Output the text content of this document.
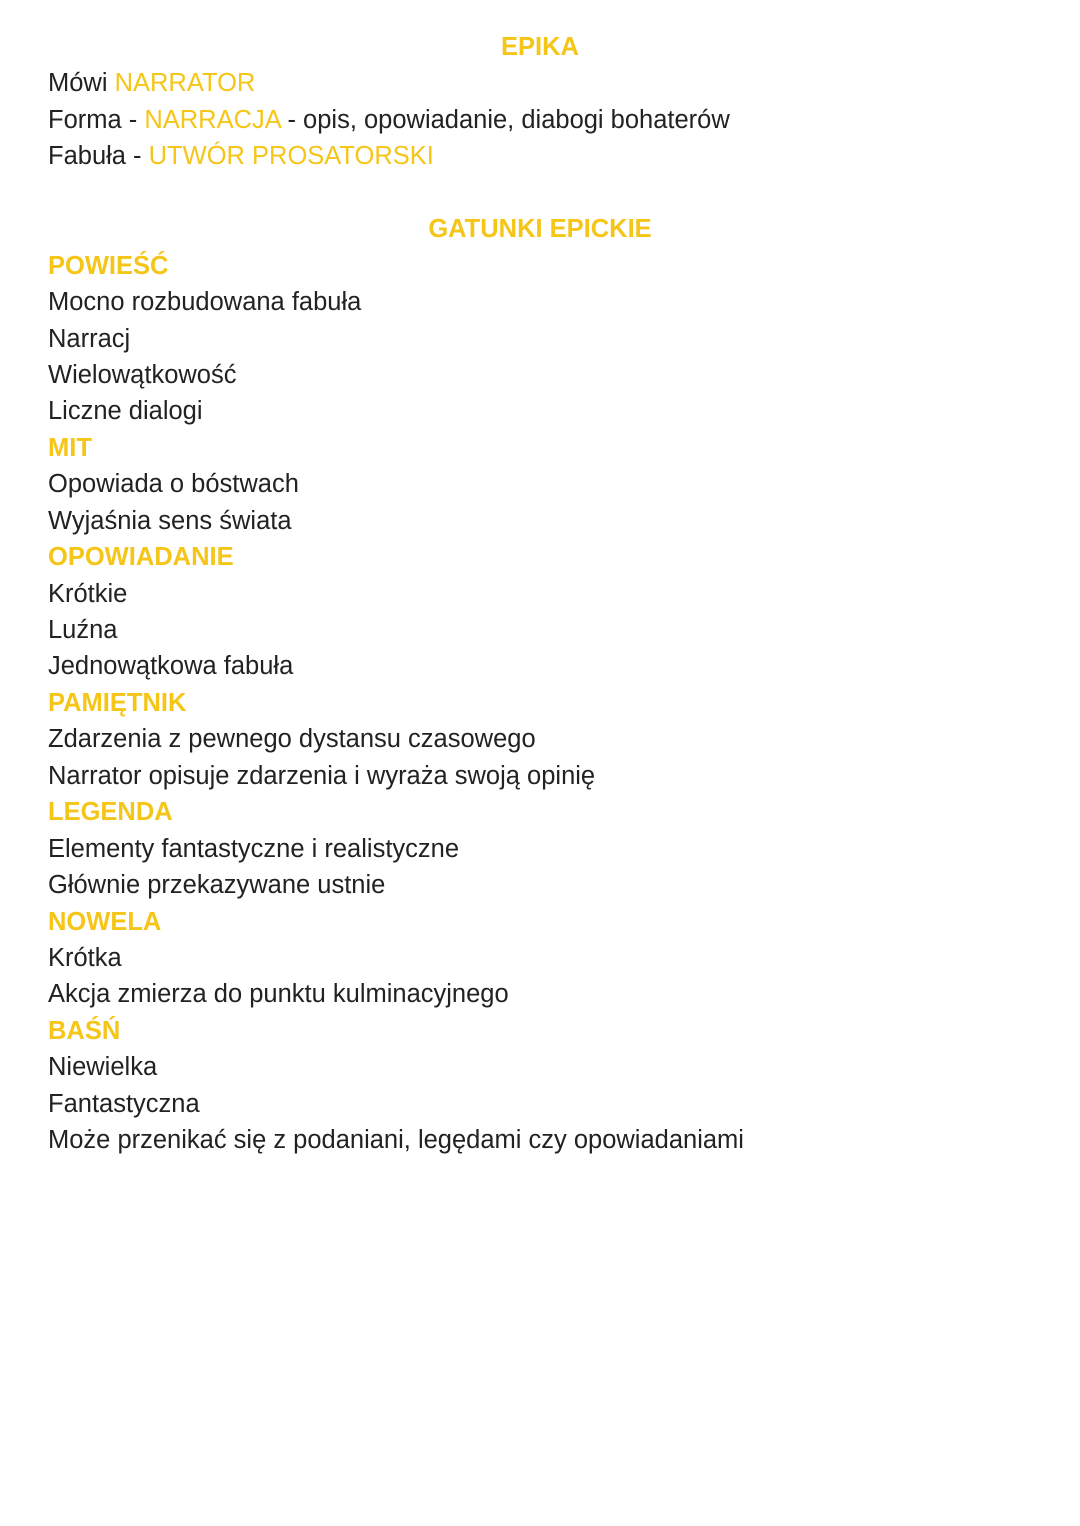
EPIKA
Mówi NARRATOR
Forma - NARRACJA - opis, opowiadanie, diabogi bohaterów
Fabuła - UTWÓR PROSATORSKI
GATUNKI EPICKIE
POWIEŚĆ
Mocno rozbudowana fabuła
Narracj
Wielowątkowość
Liczne dialogi
MIT
Opowiada o bóstwach
Wyjaśnia sens świata
OPOWIADANIE
Krótkie
Luźna
Jednowątkowa fabuła
PAMIĘTNIK
Zdarzenia z pewnego dystansu czasowego
Narrator opisuje zdarzenia i wyraża swoją opinię
LEGENDA
Elementy fantastyczne i realistyczne
Głównie przekazywane ustnie
NOWELA
Krótka
Akcja zmierza do punktu kulminacyjnego
BAŚŃ
Niewielka
Fantastyczna
Może przenikać się z podaniani, legędami czy opowiadaniami
